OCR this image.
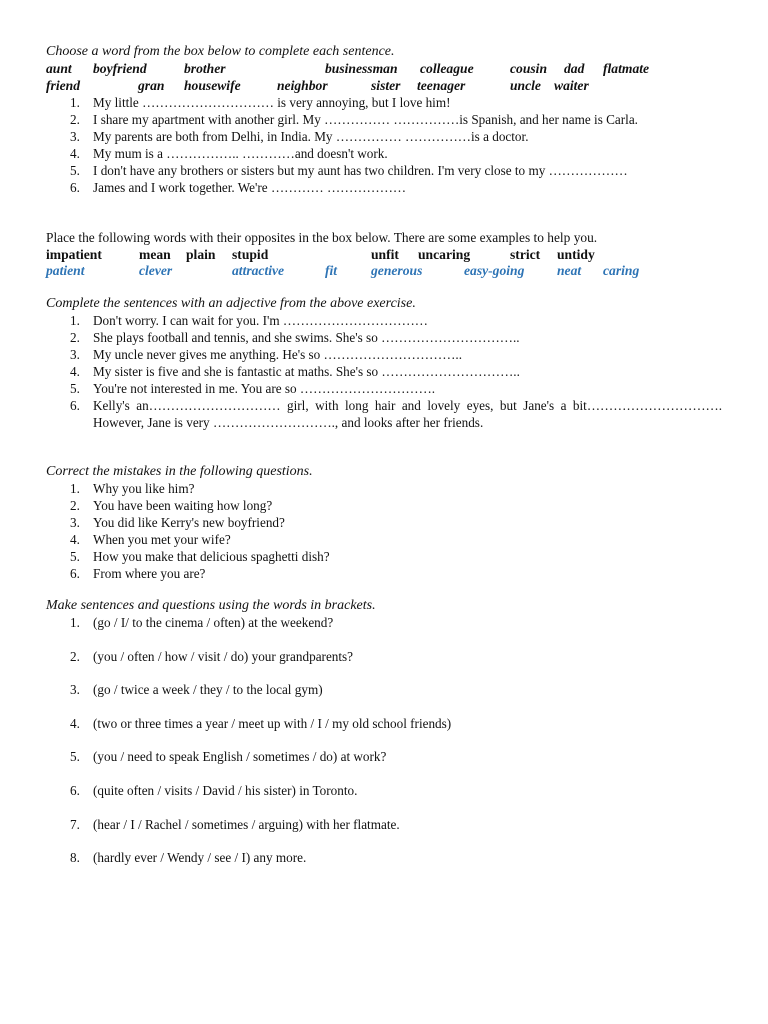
Choose a word from the box below to complete each sentence.
aunt boyfriend	brother	businessman colleague	cousin dad flatmate
friend	gran housewife	neighbor	sister teenager	uncle waiter
1. My little ………………………… is very annoying, but I love him!
2. I share my apartment with another girl. My …………… ……………is Spanish, and her name is Carla.
3. My parents are both from Delhi, in India. My …………… ……………is a doctor.
4. My mum is a …………….. …………and doesn't work.
5. I don't have any brothers or sisters but my aunt has two children. I'm very close to my ………………
6. James and I work together. We're ………… ………………
Place the following words with their opposites in the box below. There are some examples to help you.
impatient	mean plain stupid	unfit uncaring	strict untidy
patient	clever	attractive	fit generous	easy-going neat caring
Complete the sentences with an adjective from the above exercise.
1. Don't worry. I can wait for you. I'm ……………………………
2. She plays football and tennis, and she swims. She's so …………………………..
3. My uncle never gives me anything. He's so …………………………..
4. My sister is five and she is fantastic at maths. She's so …………………………..
5. You're not interested in me. You are so ………………………….
6. Kelly's an………………………… girl, with long hair and lovely eyes, but Jane's a bit…………………………. However, Jane is very ………………………., and looks after her friends.
Correct the mistakes in the following questions.
1. Why you like him?
2. You have been waiting how long?
3. You did like Kerry's new boyfriend?
4. When you met your wife?
5. How you make that delicious spaghetti dish?
6. From where you are?
Make sentences and questions using the words in brackets.
1. (go / I/ to the cinema / often) at the weekend?
2. (you / often / how / visit / do) your grandparents?
3. (go / twice a week / they / to the local gym)
4. (two or three times a year / meet up with / I / my old school friends)
5. (you / need to speak English / sometimes / do) at work?
6. (quite often / visits / David / his sister) in Toronto.
7. (hear / I / Rachel / sometimes / arguing) with her flatmate.
8. (hardly ever / Wendy / see / I) any more.
